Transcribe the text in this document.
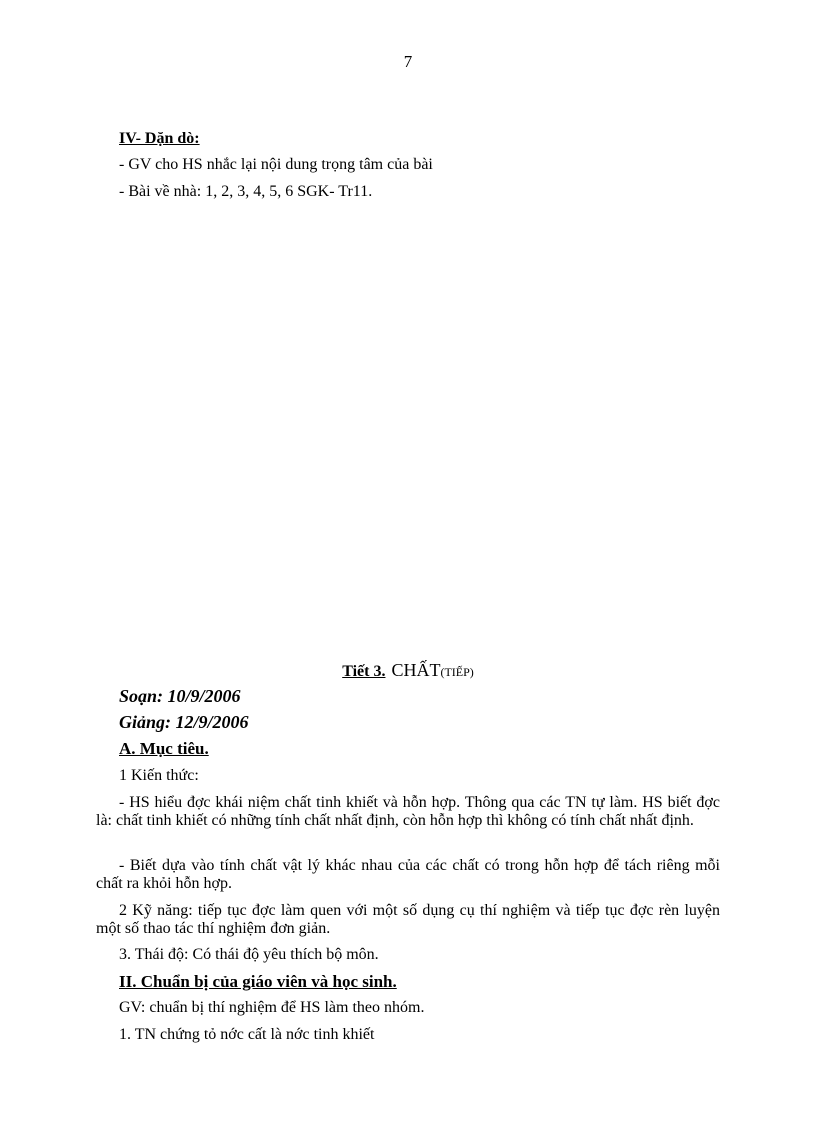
7
IV- Dặn dò:
- GV cho HS nhắc lại nội dung trọng tâm của bài
- Bài về nhà: 1, 2, 3, 4, 5, 6 SGK- Tr11.
Tiết 3. CHẤT(TIẾP)
Soạn: 10/9/2006
Giảng: 12/9/2006
A. Mục tiêu.
1 Kiến thức:
- HS hiểu đợc khái niệm chất tinh khiết và hỗn hợp. Thông qua các TN tự làm. HS biết đợc là: chất tinh khiết có những tính chất nhất định, còn hỗn hợp thì không có tính chất nhất định.
- Biết dựa vào tính chất vật lý khác nhau của các chất có trong hỗn hợp để tách riêng mỗi chất ra khỏi hỗn hợp.
2 Kỹ năng: tiếp tục đợc làm quen với một số dụng cụ thí nghiệm và tiếp tục đợc rèn luyện một số thao tác thí nghiệm đơn giản.
3. Thái độ: Có thái độ yêu thích bộ môn.
II. Chuẩn bị của giáo viên và học sinh.
GV: chuẩn bị thí nghiệm để HS làm theo nhóm.
1. TN chứng tỏ nớc cất là nớc tinh khiết
